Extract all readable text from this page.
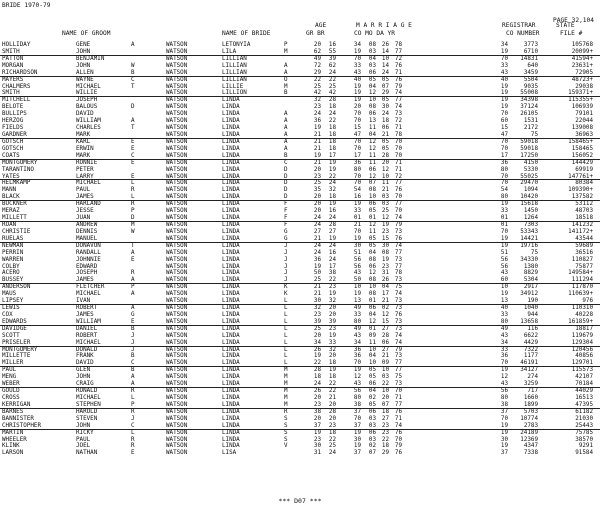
BRIDE 1970-79
PAGE 32,104
AGE	M A R R I A G E	REGISTRAR	STATE
NAME OF GROOM	NAME OF BRIDE	GR BR	CO MO DA YR	CO NUMBER	FILE #
HOLLIDAY	GENE	A	WATSON	LETONYIA	P	20	16	34	08	26	78	34	3773	105768
SMITH	JOHN	WATSON	LILA	M	62	55	19	03	14	77	19	6710	20099+
PATTON	BENJAMIN	WATSON	LILLIAN	49	39	70	04	10	72	70	14831	41594+
MORGAN	JOHN	W	WATSON	LILLIAN	A	72	62	33	03	14	76	33	640	23631+
RICHARDSON	ALLEN	B	WATSON	LILLIAN	A	29	24	43	06	24	71	43	3459	72905
MAYERS	WAYNE	C	WATSON	LILLIAN	O	22	22	40	05	05	76	40	5504	48723+
CHALMERS	MICHAEL	T	WATSON	LILLIE	M	25	25	19	04	07	79	19	9035	29038
SMITH	WILLIE	WATSON	LILLION	B	42	42	19	12	29	74	19	55008	159371+
MITCHELL	JOSEPH	WATSON	LINDA	32	28	19	10	05	77	19	34398	115355+
BELOTE	BALOUS	D	WATSON	LINDA	23	18	20	08	30	74	19	37124	106939
BULLIPS	DAVID	WATSON	LINDA	A	24	24	70	06	24	73	70	26105	79101
HERZOG	WILLIAM	A	WATSON	LINDA	A	36	22	70	13	18	72	60	1531	22044
FIELDS	CHARLES	T	WATSON	LINDA	A	19	18	15	11	06	71	15	2172	139008
GARDNER	MARK	WATSON	LINDA	A	21	18	47	04	21	78	47	75	36963
GOTSCH	KARL	E	WATSON	LINDA	A	21	18	70	12	05	70	70	59018	158465+
GOTSCH	ERWIN	E	WATSON	LINDA	A	21	18	70	12	05	70	70	59018	158465
COATS	MARK	C	WATSON	LINDA	B	19	17	17	11	28	70	17	17250	156052
MONTGOMERY	RONNIE	E	WATSON	LINDA	C	21	19	36	11	20	71	36	4150	144429
TARANTINO	PETER	WATSON	LINDA	D	20	19	80	06	12	71	80	5330	69919
YATES	LARRY	E	WATSON	LINDA	D	23	22	70	12	10	72	70	55025	147761+
HELMKAMP	MICHAEL	L	WATSON	LINDA	D	25	24	70	07	11	77	70	29470	80384
MANN	PAUL	R	WATSON	LINDA	D	35	32	54	08	21	76	54	1094	109390+
BLACK	JAMES	L	WATSON	LINDA	D	20	18	16	10	03	70	80	10420	137582
BUCKNER	HARLAND	R	WATSON	LINDA	F	20	19	19	06	03	77	19	15618	53112
MERAZ	JESSE	P	WATSON	LINDA	F	20	16	33	05	25	70	33	1450	48703
MILLETT	JUAN	D	WATSON	LINDA	F	24	24	01	01	12	74	01	1264	18518
ROAN	ANDREW	M	WATSON	LINDA	F	24	28	21	12	19	79	01	7303	141232
CHRISTIE	DENNIS	W	WATSON	LINDA	G	27	27	70	11	23	73	70	53343	141172+
RUELAS	MANUEL	WATSON	LINDA	G	21	19	19	05	15	76	19	14421	43544
NEWMAN	DONAVON	T	WATSON	LINDA	J	24	24	30	05	30	74	19	19716	59689
PERRIN	RANDALL	A	WATSON	LINDA	J	24	16	51	04	08	77	51	75	36516
WARREN	JOHNNIE	E	WATSON	LINDA	J	36	24	56	08	19	73	56	34330	110827
COLBY	EDWARD	WATSON	LINDA	J	19	17	56	06	23	77	56	1380	75877
ACERO	JOSEPH	R	WATSON	LINDA	J	50	38	43	12	31	78	43	8829	149584+
BUSSEY	JAMES	A	WATSON	LINDA	J	25	22	50	08	26	73	60	5304	111294
ANDERSON	FLETCHER	P	WATSON	LINDA	K	21	23	10	10	04	75	10	2917	117870
MAUS	MICHAEL	A	WATSON	LINDA	K	21	19	19	08	17	74	19	34912	110639+
LIPSEY	IVAN	WATSON	LINDA	L	30	32	13	01	21	73	13	190	976
LEWIS	ROBERT	A	WATSON	LINDA	L	32	20	49	06	02	73	40	1040	110310
COX	JAMES	G	WATSON	LINDA	L	23	20	33	04	12	76	33	944	40228
EDWARDS	WILLIAM	E	WATSON	LINDA	L	39	39	80	12	15	73	80	13658	161859+
DAVIDGE	DANIEL	B	WATSON	LINDA	L	25	23	49	01	27	73	49	116	18817
SCOTT	ROBERT	J	WATSON	LINDA	L	20	19	43	09	28	74	43	6622	119679
PRISELER	MICHAEL	J	WATSON	LINDA	L	34	33	34	11	06	74	34	4429	129304
MONTGOMERY	DONALD	J	WATSON	LINDA	L	26	32	36	10	27	79	33	7322	120456
MILLETTE	FRANK	B	WATSON	LINDA	L	19	20	36	04	21	73	36	1177	40856
MILLER	DAVID	C	WATSON	LINDA	L	22	18	70	10	09	77	70	46191	129701
PAUL	GLEN	B	WATSON	LINDA	M	28	19	19	05	10	77	19	34127	115573
MENG	JOHN	A	WATSON	LINDA	M	18	18	12	05	03	75	12	274	42107
WEBER	CRAIG	A	WATSON	LINDA	M	24	22	43	06	22	73	43	3259	70184
GOULD	RONALD	R	WATSON	LINDA	M	26	22	56	04	10	70	56	717	44029
CROSS	MICHAEL	L	WATSON	LINDA	M	20	21	80	02	20	71	80	1660	16513
KERRIGAN	STEPHEN	P	WATSON	LINDA	M	23	20	38	05	07	77	38	1899	47395
BARNES	HAROLD	R	WATSON	LINDA	R	38	28	37	06	18	76	37	5703	61182
BANNISTER	STEVEN	J	WATSON	LINDA	S	20	20	70	03	27	71	70	10774	21030
CHRISTOPHER	JOHN	C	WATSON	LINDA	S	37	23	37	03	23	74	19	2783	25443
MARTIN	RICKY	L	WATSON	LINDA	S	19	18	19	06	23	76	19	24189	75785
WHEELER	PAUL	R	WATSON	LINDA	S	23	22	30	03	22	70	30	12369	38570
KLINK	JOEL	R	WATSON	LINDA	V	30	25	19	02	18	79	19	4347	9291
LARSON	NATHAN	E	WATSON	LISA	31	24	37	07	29	76	37	7338	91584
*** D07 ***
